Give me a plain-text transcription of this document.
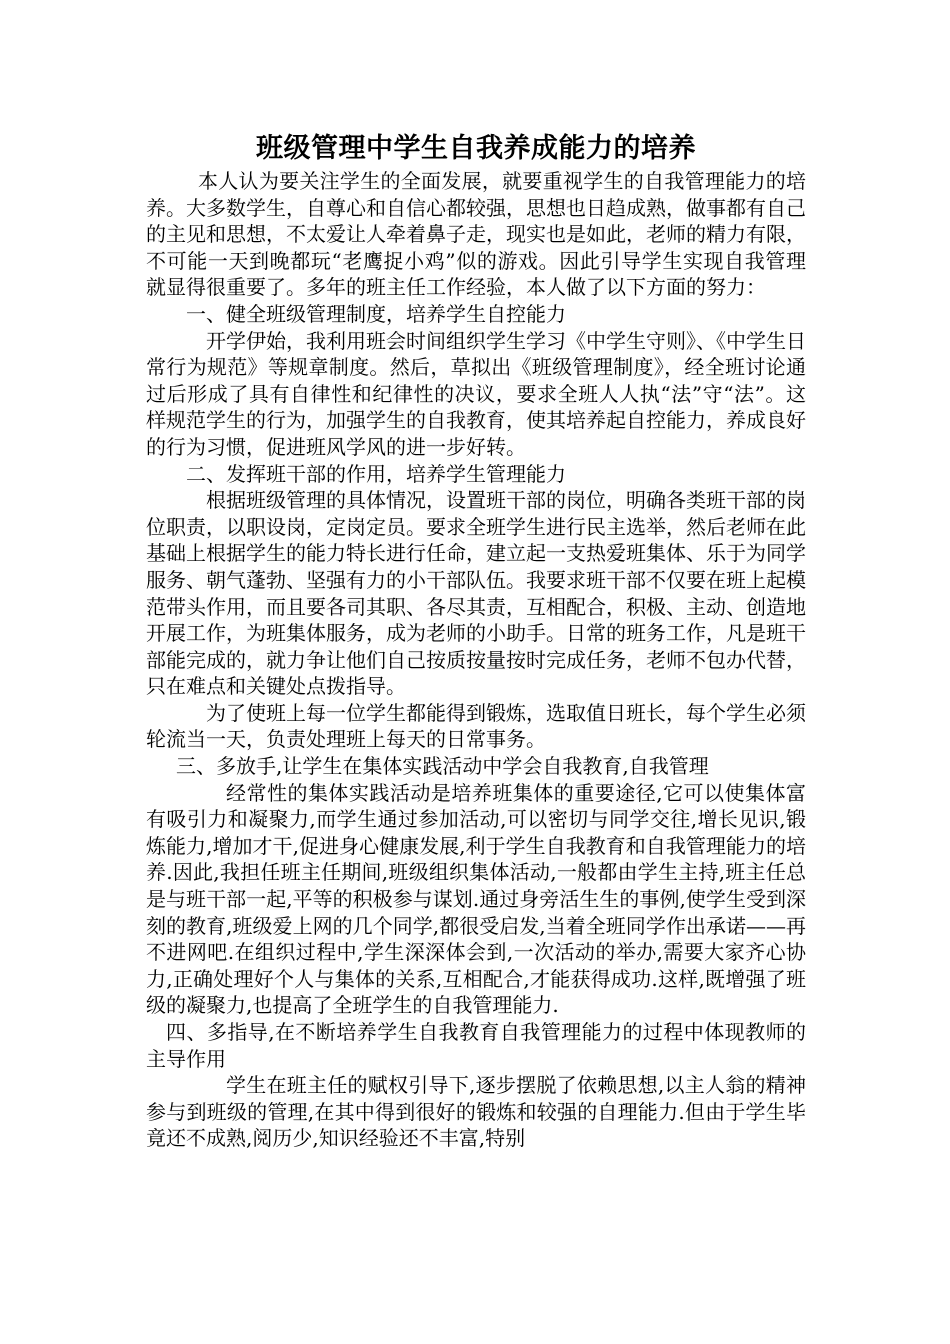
班级管理中学生自我养成能力的培养

本人认为要关注学生的全面发展，就要重视学生的自我管理能力的培养。大多数学生，自尊心和自信心都较强，思想也日趋成熟，做事都有自己的主见和思想，不太爱让人牵着鼻子走，现实也是如此，老师的精力有限，不可能一天到晚都玩“老鹰捉小鸡”似的游戏。因此引导学生实现自我管理就显得很重要了。多年的班主任工作经验，本人做了以下方面的努力：

一、健全班级管理制度，培养学生自控能力

开学伊始，我利用班会时间组织学生学习《中学生守则》、《中学生日常行为规范》等规章制度。然后，草拟出《班级管理制度》，经全班讨论通过后形成了具有自律性和纪律性的决议，要求全班人人执“法”守“法”。这样规范学生的行为，加强学生的自我教育，使其培养起自控能力，养成良好的行为习惯，促进班风学风的进一步好转。

二、发挥班干部的作用，培养学生管理能力

根据班级管理的具体情况，设置班干部的岗位，明确各类班干部的岗位职责，以职设岗，定岗定员。要求全班学生进行民主选举，然后老师在此基础上根据学生的能力特长进行任命，建立起一支热爱班集体、乐于为同学服务、朝气蓬勃、坚强有力的小干部队伍。我要求班干部不仅要在班上起模范带头作用，而且要各司其职、各尽其责，互相配合，积极、主动、创造地开展工作，为班集体服务，成为老师的小助手。日常的班务工作，凡是班干部能完成的，就力争让他们自己按质按量按时完成任务，老师不包办代替，只在难点和关键处点拨指导。

为了使班上每一位学生都能得到锻炼，选取值日班长，每个学生必须轮流当一天，负责处理班上每天的日常事务。

三、多放手,让学生在集体实践活动中学会自我教育,自我管理

经常性的集体实践活动是培养班集体的重要途径,它可以使集体富有吸引力和凝聚力,而学生通过参加活动,可以密切与同学交往,增长见识,锻炼能力,增加才干,促进身心健康发展,利于学生自我教育和自我管理能力的培养.因此,我担任班主任期间,班级组织集体活动,一般都由学生主持,班主任总是与班干部一起,平等的积极参与谋划.通过身旁活生生的事例,使学生受到深刻的教育,班级爱上网的几个同学,都很受启发,当着全班同学作出承诺——再不进网吧.在组织过程中,学生深深体会到,一次活动的举办,需要大家齐心协力,正确处理好个人与集体的关系,互相配合,才能获得成功.这样,既增强了班级的凝聚力,也提高了全班学生的自我管理能力.

四、多指导,在不断培养学生自我教育自我管理能力的过程中体现教师的主导作用

学生在班主任的赋权引导下,逐步摆脱了依赖思想,以主人翁的精神参与到班级的管理,在其中得到很好的锻炼和较强的自理能力.但由于学生毕竟还不成熟,阅历少,知识经验还不丰富,特别
